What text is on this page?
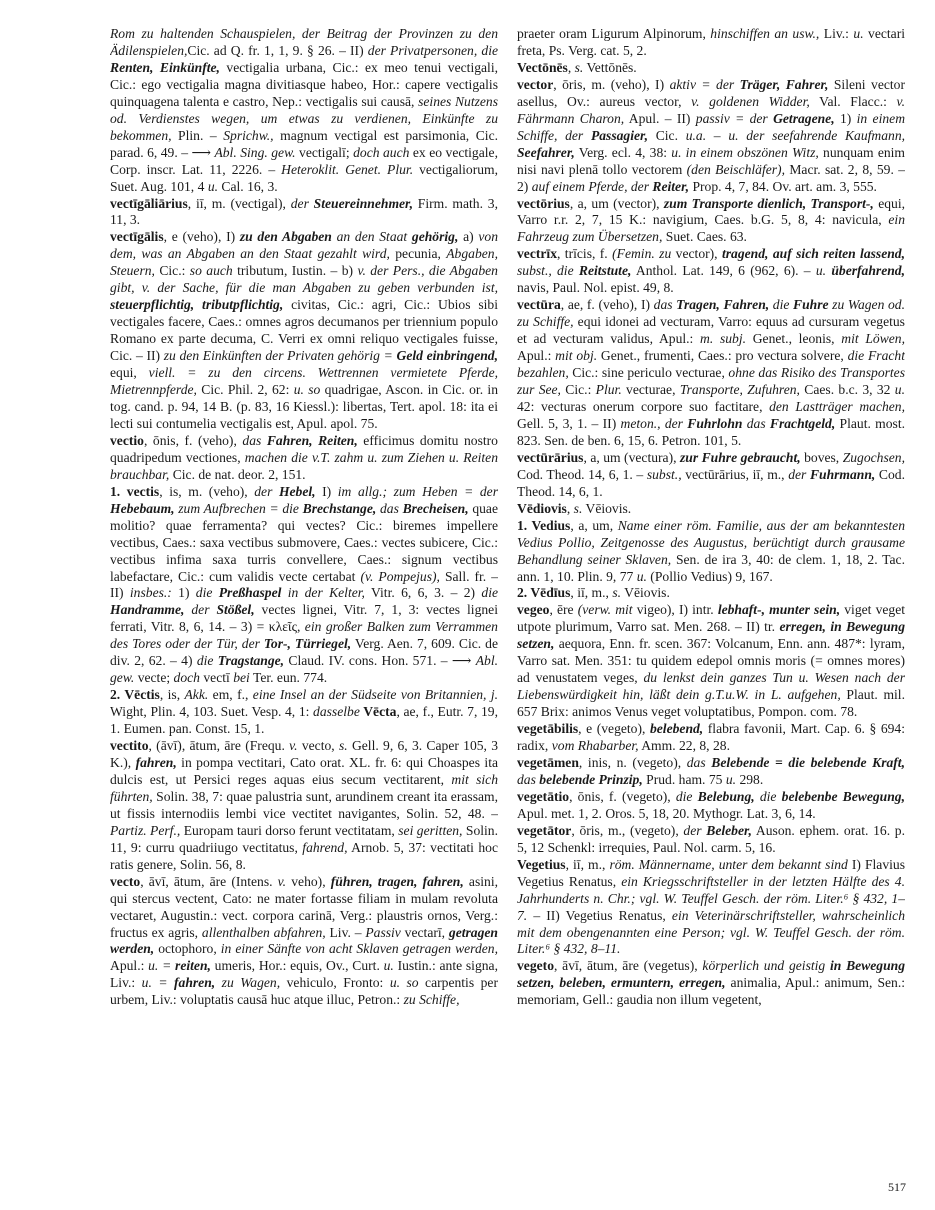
Rom zu haltenden Schauspielen, der Beitrag der Provinzen zu den Ädilenspielen,Cic. ad Q. fr. 1, 1, 9. § 26. – II) der Privatpersonen, die Renten, Einkünfte, vectigalia urbana, Cic.: ex meo tenui vectigali, Cic.: ego vectigalia magna divitiasque habeo, Hor.: capere vectigalis quinquagena talenta e castro, Nep.: vectigalis sui causā, seines Nutzens od. Verdienstes wegen, um etwas zu verdienen, Einkünfte zu bekommen, Plin. – Sprichw., magnum vectigal est parsimonia, Cic. parad. 6, 49. – ⟶ Abl. Sing. gew. vectigalī; doch auch ex eo vectigale, Corp. inscr. Lat. 11, 2226. – Heteroklit. Genet. Plur. vectigaliorum, Suet. Aug. 101, 4 u. Cal. 16, 3.

vectīgāliārius, iī, m. (vectigal), der Steuereinnehmer, Firm. math. 3, 11, 3.

vectīgālis, e (veho), I) zu den Abgaben an den Staat gehörig, a) von dem, was an Abgaben an den Staat gezahlt wird, pecunia, Abgaben, Steuern, Cic.: so auch tributum, Iustin. – b) v. der Pers., die Abgaben gibt, v. der Sache, für die man Abgaben zu geben verbunden ist, steuerpflichtig, tributpflichtig, civitas, Cic.: agri, Cic.: Ubios sibi vectigales facere, Caes.: omnes agros decumanos per triennium populo Romano ex parte decuma, C. Verri ex omni reliquo vectigales fuisse, Cic. – II) zu den Einkünften der Privaten gehörig = Geld einbringend, equi, viell. = zu den circens. Wettrennen vermietete Pferde, Mietrennpferde, Cic. Phil. 2, 62: u. so quadrigae, Ascon. in Cic. or. in tog. cand. p. 94, 14 B. (p. 83, 16 Kiessl.): libertas, Tert. apol. 18: ita ei lecti sui contumelia vectigalis est, Apul. apol. 75.

vectio, ōnis, f. (veho), das Fahren, Reiten, efficimus domitu nostro quadripedum vectiones, machen die v.T. zahm u. zum Ziehen u. Reiten brauchbar, Cic. de nat. deor. 2, 151.

1. vectis, is, m. (veho), der Hebel, I) im allg.; zum Heben = der Hebebaum, zum Aufbrechen = die Brechstange, das Brecheisen, quae molitio? quae ferramenta? qui vectes? Cic.: biremes impellere vectibus, Caes.: saxa vectibus submovere, Caes.: vectes subicere, Cic.: vectibus infima saxa turris convellere, Caes.: signum vectibus labefactare, Cic.: cum validis vecte certabat (v. Pompejus), Sall. fr. – II) insbes.: 1) die Preßhaspel in der Kelter, Vitr. 6, 6, 3. – 2) die Handramme, der Stößel, vectes lignei, Vitr. 7, 1, 3: vectes lignei ferrati, Vitr. 8, 6, 14. – 3) = κλεῖς, ein großer Balken zum Verrammen des Tores oder der Tür, der Tor-, Türriegel, Verg. Aen. 7, 609. Cic. de div. 2, 62. – 4) die Tragstange, Claud. IV. cons. Hon. 571. – ⟶ Abl. gew. vecte; doch vectī bei Ter. eun. 774.

2. Vēctis, is, Akk. em, f., eine Insel an der Südseite von Britannien, j. Wight, Plin. 4, 103. Suet. Vesp. 4, 1: dasselbe Vēcta, ae, f., Eutr. 7, 19, 1. Eumen. pan. Const. 15, 1.

vectito, (āvī), ātum, āre (Frequ. v. vecto, s. Gell. 9, 6, 3. Caper 105, 3 K.), fahren, in pompa vectitari, Cato orat. XL. fr. 6: qui Choaspes ita dulcis est, ut Persici reges aquas eius secum vectitarent, mit sich führten, Solin. 38, 7: quae palustria sunt, arundinem creant ita erassam, ut fissis internodiis lembi vice vectitet navigantes, Solin. 52, 48. – Partiz. Perf., Europam tauri dorso ferunt vectitatam, sei geritten, Solin. 11, 9: curru quadriiugo vectitatus, fahrend, Arnob. 5, 37: vectitati hoc ratis genere, Solin. 56, 8.

vecto, āvī, ātum, āre (Intens. v. veho), führen, tragen, fahren, asini, qui stercus vectent, Cato: ne mater fortasse filiam in mulam revoluta vectaret, Augustin.: vect. corpora carinā, Verg.: plaustris ornos, Verg.: fructus ex agris, allenthalben abfahren, Liv. – Passiv vectarī, getragen werden, octophoro, in einer Sänfte von acht Sklaven getragen werden, Apul.: u. = reiten, umeris, Hor.: equis, Ov., Curt. u. Iustin.: ante signa, Liv.: u. = fahren, zu Wagen, vehiculo, Fronto: u. so carpentis per urbem, Liv.: voluptatis causā huc atque illuc, Petron.: zu Schiffe,

praeter oram Ligurum Alpinorum, hinschiffen an usw., Liv.: u. vectari freta, Ps. Verg. cat. 5, 2.

Vectōnēs, s. Vettōnēs.

vector, ōris, m. (veho), I) aktiv = der Träger, Fahrer, Sileni vector asellus, Ov.: aureus vector, v. goldenen Widder, Val. Flacc.: v. Fährmann Charon, Apul. – II) passiv = der Getragene, 1) in einem Schiffe, der Passagier, Cic. u.a. – u. der seefahrende Kaufmann, Seefahrer, Verg. ecl. 4, 38: u. in einem obszönen Witz, nunquam enim nisi navi plenā tollo vectorem (den Beischläfer), Macr. sat. 2, 8, 59. – 2) auf einem Pferde, der Reiter, Prop. 4, 7, 84. Ov. art. am. 3, 555.

vectōrius, a, um (vector), zum Transporte dienlich, Transport-, equi, Varro r.r. 2, 7, 15 K.: navigium, Caes. b.G. 5, 8, 4: navicula, ein Fahrzeug zum Übersetzen, Suet. Caes. 63.

vectrīx, trīcis, f. (Femin. zu vector), tragend, auf sich reiten lassend, subst., die Reitstute, Anthol. Lat. 149, 6 (962, 6). – u. überfahrend, navis, Paul. Nol. epist. 49, 8.

vectūra, ae, f. (veho), I) das Tragen, Fahren, die Fuhre zu Wagen od. zu Schiffe, equi idonei ad vecturam, Varro: equus ad cursuram vegetus et ad vecturam validus, Apul.: m. subj. Genet., leonis, mit Löwen, Apul.: mit obj. Genet., frumenti, Caes.: pro vectura solvere, die Fracht bezahlen, Cic.: sine periculo vecturae, ohne das Risiko des Transportes zur See, Cic.: Plur. vecturae, Transporte, Zufuhren, Caes. b.c. 3, 32 u. 42: vecturas onerum corpore suo factitare, den Lastträger machen, Gell. 5, 3, 1. – II) meton., der Fuhrlohn das Frachtgeld, Plaut. most. 823. Sen. de ben. 6, 15, 6. Petron. 101, 5.

vectūrārius, a, um (vectura), zur Fuhre gebraucht, boves, Zugochsen, Cod. Theod. 14, 6, 1. – subst., vectūrārius, iī, m., der Fuhrmann, Cod. Theod. 14, 6, 1.

Vēdiovis, s. Vēiovis.

1. Vedius, a, um, Name einer röm. Familie, aus der am bekanntesten Vedius Pollio, Zeitgenosse des Augustus, berüchtigt durch grausame Behandlung seiner Sklaven, Sen. de ira 3, 40: de clem. 1, 18, 2. Tac. ann. 1, 10. Plin. 9, 77 u. (Pollio Vedius) 9, 167.

2. Vēdīus, iī, m., s. Vēiovis.

vegeo, ēre (verw. mit vigeo), I) intr. lebhaft-, munter sein, viget veget utpote plurimum, Varro sat. Men. 268. – II) tr. erregen, in Bewegung setzen, aequora, Enn. fr. scen. 367: Volcanum, Enn. ann. 487*: lyram, Varro sat. Men. 351: tu quidem edepol omnis moris (= omnes mores) ad venustatem veges, du lenkst dein ganzes Tun u. Wesen nach der Liebenswürdigkeit hin, läßt dein g.T.u.W. in L. aufgehen, Plaut. mil. 657 Brix: animos Venus veget voluptatibus, Pompon. com. 78.

vegetābilis, e (vegeto), belebend, flabra favonii, Mart. Cap. 6. § 694: radix, vom Rhabarber, Amm. 22, 8, 28.

vegetāmen, inis, n. (vegeto), das Belebende = die belebende Kraft, das belebende Prinzip, Prud. ham. 75 u. 298.

vegetātio, ōnis, f. (vegeto), die Belebung, die belebenbe Bewegung, Apul. met. 1, 2. Oros. 5, 18, 20. Mythogr. Lat. 3, 6, 14.

vegetātor, ōris, m., (vegeto), der Beleber, Auson. ephem. orat. 16. p. 5, 12 Schenkl: irrequies, Paul. Nol. carm. 5, 16.

Vegetius, iī, m., röm. Männername, unter dem bekannt sind I) Flavius Vegetius Renatus, ein Kriegsschriftsteller in der letzten Hälfte des 4. Jahrhunderts n. Chr.; vgl. W. Teuffel Gesch. der röm. Liter.⁶ § 432, 1–7. – II) Vegetius Renatus, ein Veterinärschriftsteller, wahrscheinlich mit dem obengenannten eine Person; vgl. W. Teuffel Gesch. der röm. Liter.⁶ § 432, 8–11.

vegeto, āvī, ātum, āre (vegetus), körperlich und geistig in Bewegung setzen, beleben, ermuntern, erregen, animalia, Apul.: animum, Sen.: memoriam, Gell.: gaudia non illum vegetent,

517
